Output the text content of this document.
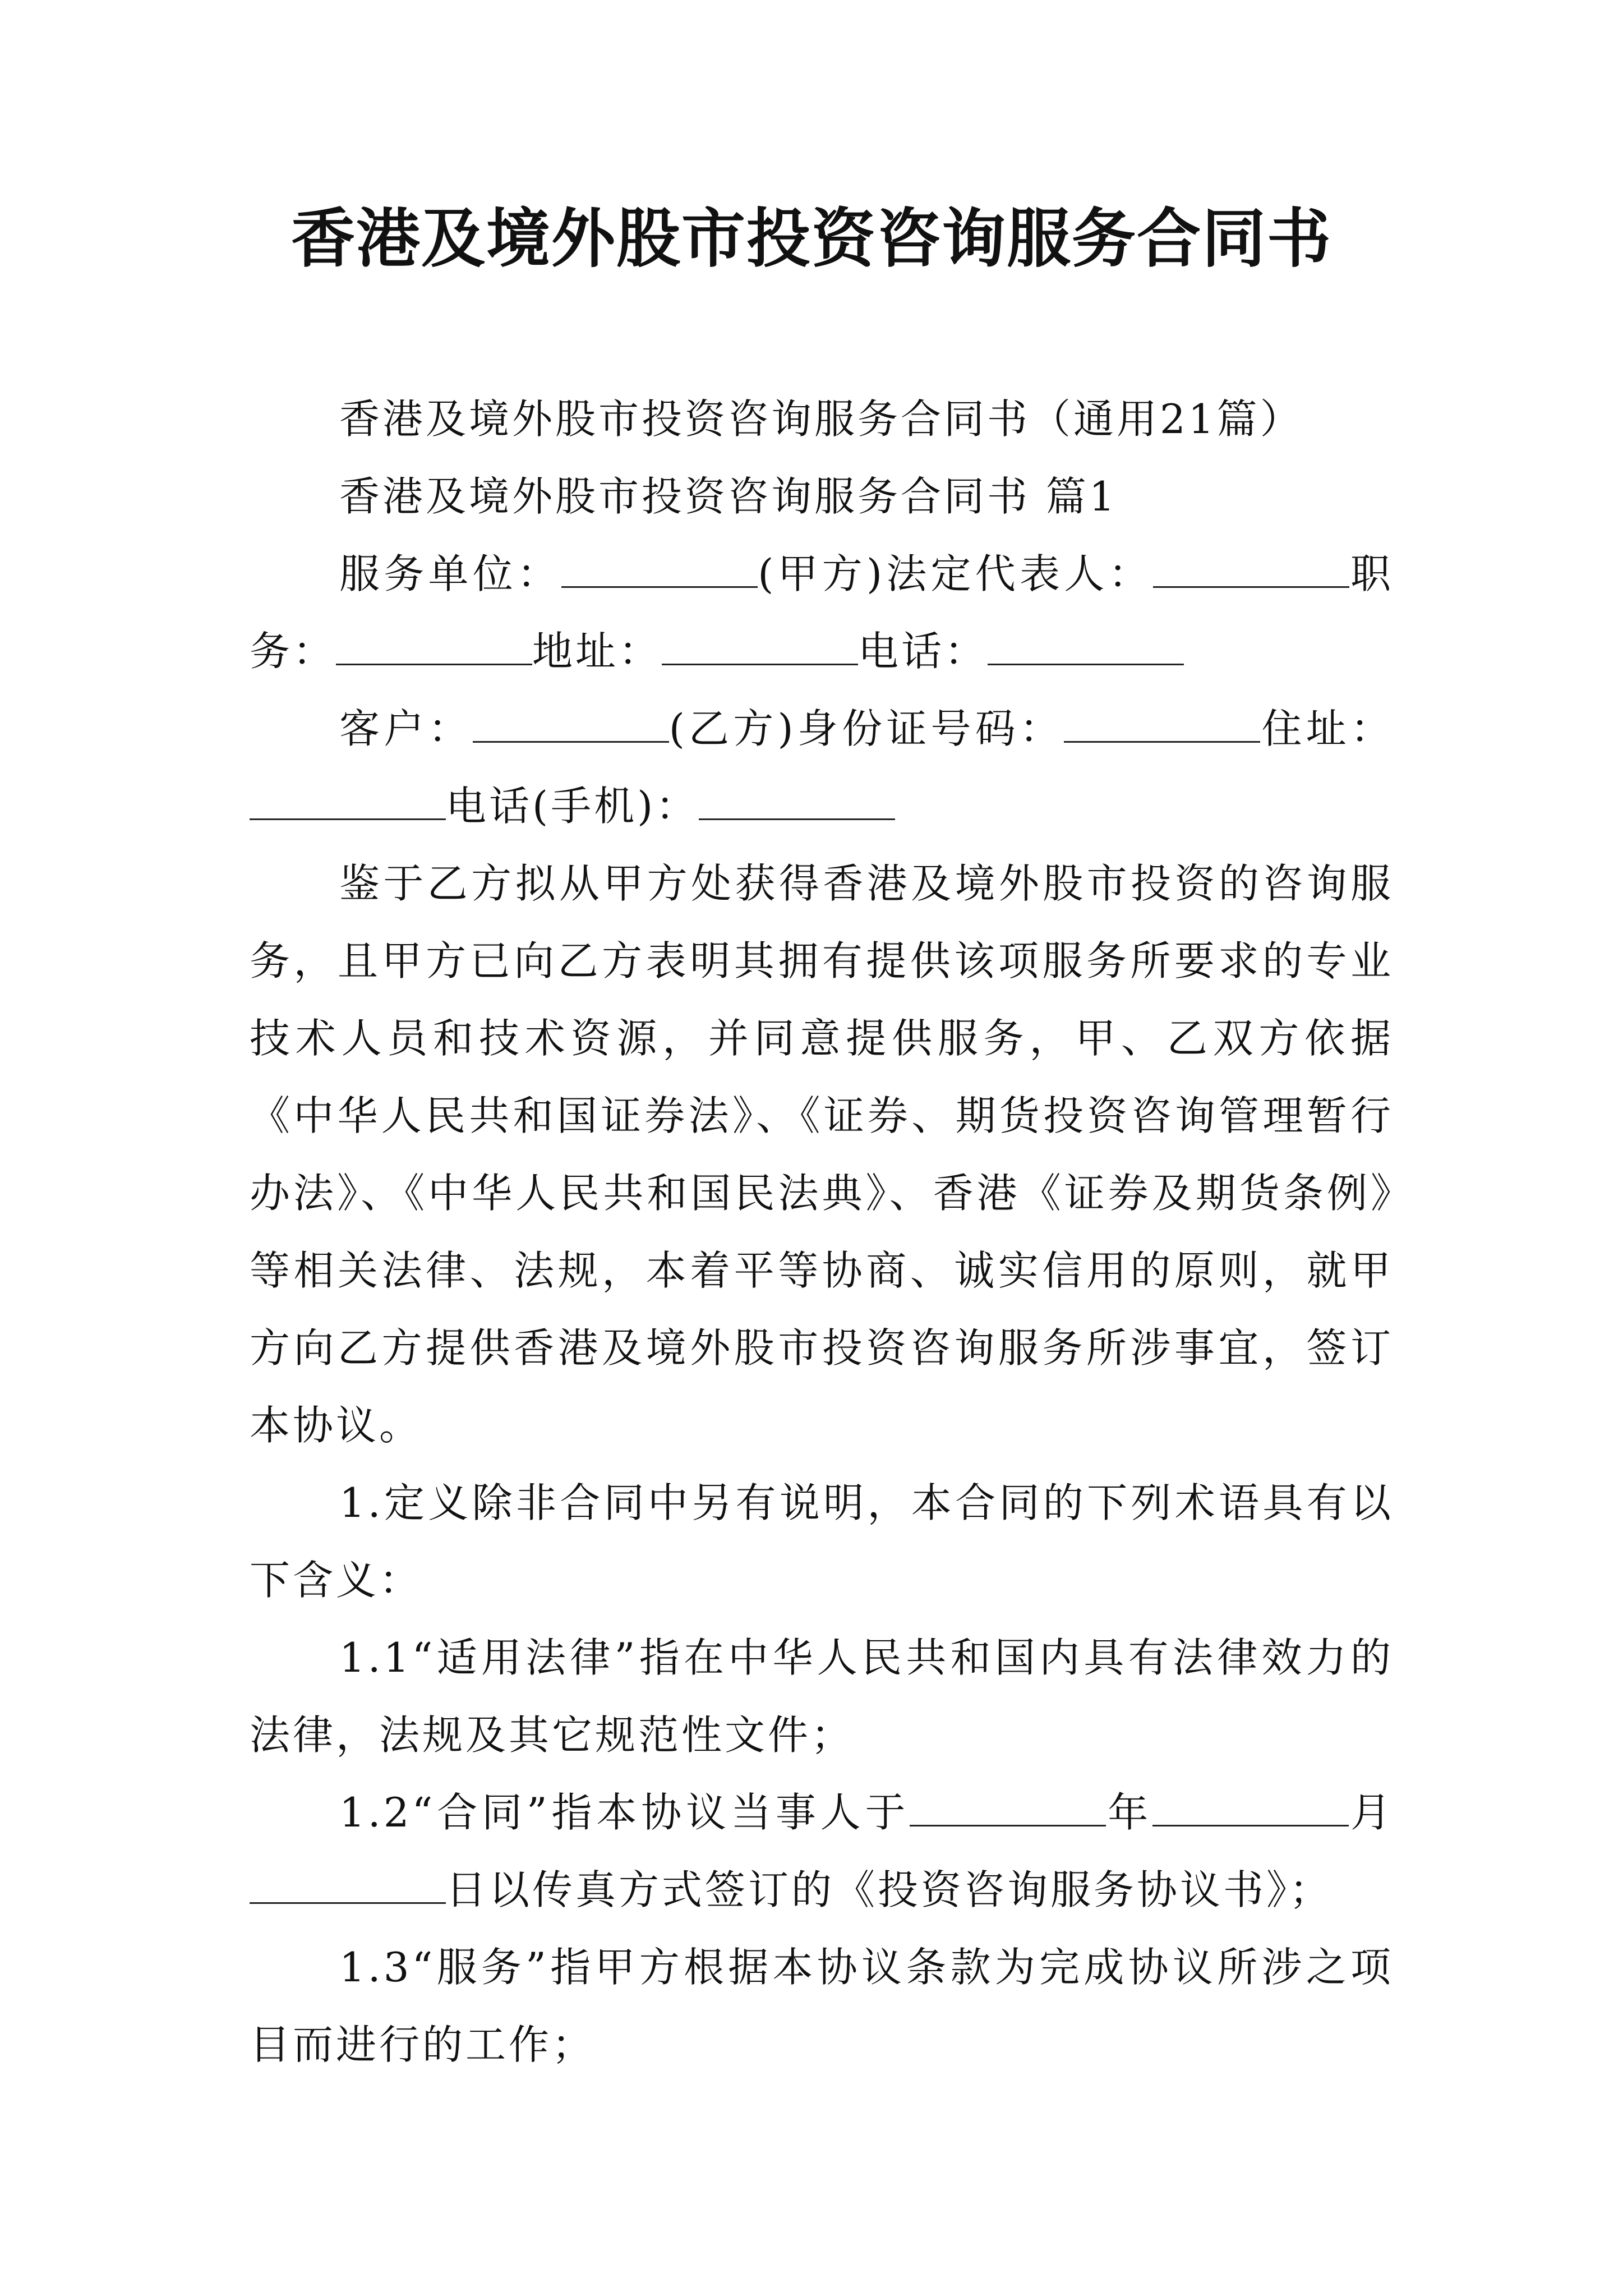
香港及境外股市投资咨询服务合同书

香港及境外股市投资咨询服务合同书（通用21篇）

香港及境外股市投资咨询服务合同书 篇1

服务单位：	(甲方)法定代表人：	职务：	地址：	电话：

客户：	(乙方)身份证号码：	住址：电话(手机)：

鉴于乙方拟从甲方处获得香港及境外股市投资的咨询服务，且甲方已向乙方表明其拥有提供该项服务所要求的专业技术人员和技术资源，并同意提供服务，甲、乙双方依据《中华人民共和国证券法》、《证券、期货投资咨询管理暂行办法》、《中华人民共和国民法典》、香港《证券及期货条例》等相关法律、法规，本着平等协商、诚实信用的原则，就甲方向乙方提供香港及境外股市投资咨询服务所涉事宜，签订本协议。

1.定义除非合同中另有说明，本合同的下列术语具有以下含义：

1.1“适用法律”指在中华人民共和国内具有法律效力的法律，法规及其它规范性文件；

1.2“合同”指本协议当事人于	年	月日以传真方式签订的《投资咨询服务协议书》；

1.3“服务”指甲方根据本协议条款为完成协议所涉之项目而进行的工作；
